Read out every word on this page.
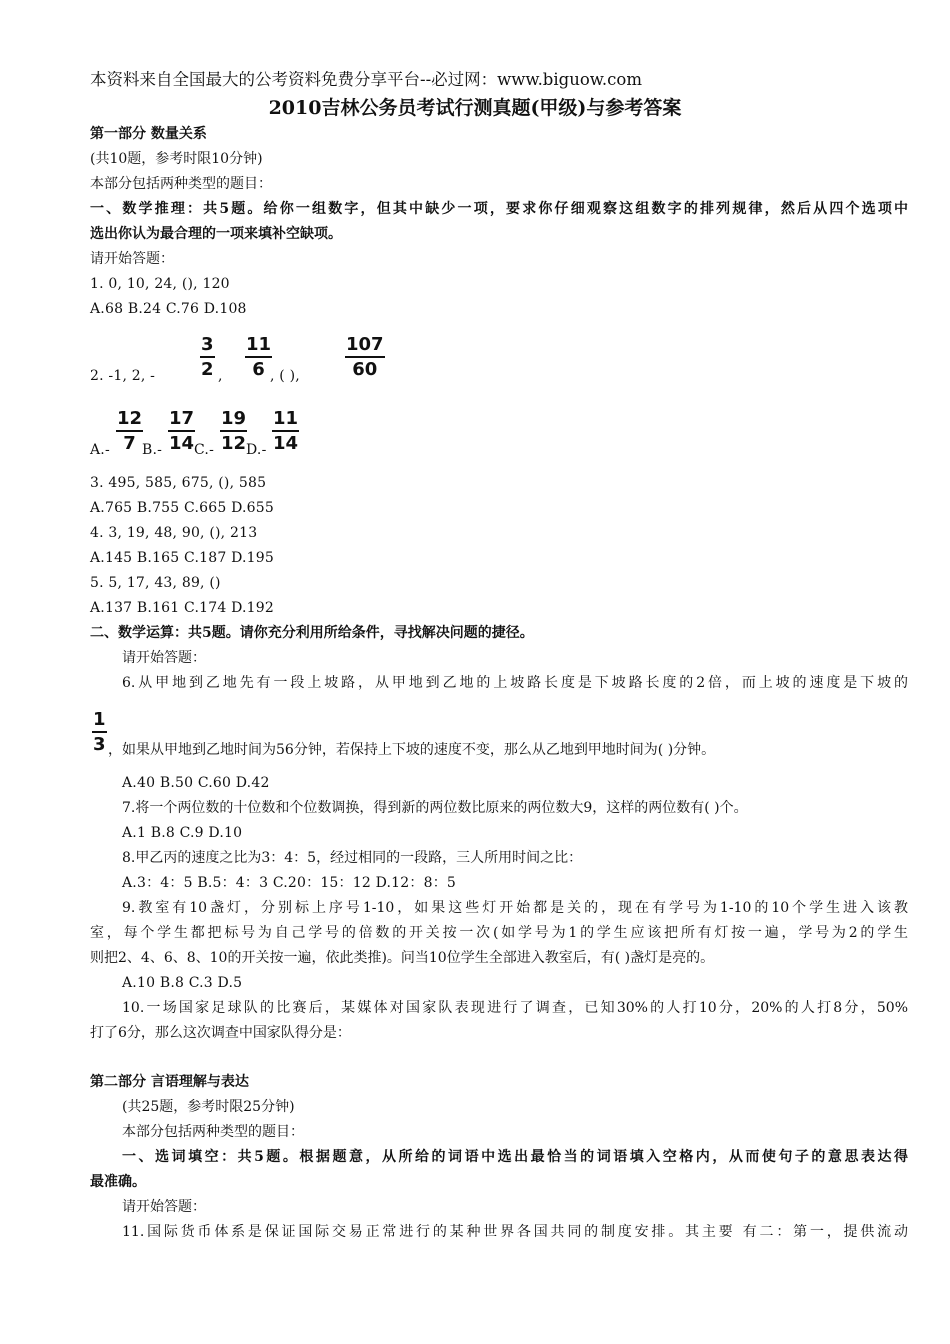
本资料来自全国最大的公考资料免费分享平台--必过网：www.biguow.com
2010吉林公务员考试行测真题(甲级)与参考答案
第一部分 数量关系
(共10题，参考时限10分钟)
本部分包括两种类型的题目：
一、数学推理：共5题。给你一组数字，但其中缺少一项，要求你仔细观察这组数字的排列规律，然后从四个选项中
选出你认为最合理的一项来填补空缺项。
请开始答题：
1. 0, 10, 24, (), 120
A.68 B.24 C.76 D.108
2. -1, 2, - $\frac{3}{2}$ , $\frac{11}{6}$
, ( ),	$\frac{107}{60}$
$A.- \frac{12}{7}$
$B.- \frac{17}{14}$
$C.- \frac{19}{12}$
$D.- \frac{11}{14}$
3. 495, 585, 675, (), 585
A.765 B.755 C.665 D.655
4. 3, 19, 48, 90, (), 213
A.145 B.165 C.187 D.195
5. 5, 17, 43, 89, ()
A.137 B.161 C.174 D.192
二、数学运算：共5题。请你充分利用所给条件，寻找解决问题的捷径。
请开始答题：
6.从甲地到乙地先有一段上坡路，从甲地到乙地的上坡路长度是下坡路长度的2倍，而上坡的速度是下坡的
$\frac{1}{3}$ ，如果从甲地到乙地时间为56分钟，若保持上下坡的速度不变，那么从乙地到甲地时间为( )分钟。
A.40 B.50 C.60 D.42
7.将一个两位数的十位数和个位数调换，得到新的两位数比原来的两位数大9，这样的两位数有( )个。
A.1 B.8 C.9 D.10
8.甲乙丙的速度之比为3：4：5，经过相同的一段路，三人所用时间之比：
A.3：4：5 B.5：4：3 C.20：15：12 D.12：8：5
9.教室有10盏灯，分别标上序号1-10，如果这些灯开始都是关的，现在有学号为1-10的10个学生进入该教
室，每个学生都把标号为自己学号的倍数的开关按一次(如学号为1的学生应该把所有灯按一遍，学号为2的学生
则把2、4、6、8、10的开关按一遍，依此类推)。问当10位学生全部进入教室后，有( )盏灯是亮的。
A.10 B.8 C.3 D.5
10.一场国家足球队的比赛后，某媒体对国家队表现进行了调查，已知30%的人打10分，20%的人打8分，50%
打了6分，那么这次调查中国家队得分是：
第二部分 言语理解与表达
(共25题，参考时限25分钟)
本部分包括两种类型的题目：
一、选词填空：共5题。根据题意，从所给的词语中选出最恰当的词语填入空格内，从而使句子的意思表达得
最准确。
请开始答题：
11.国际货币体系是保证国际交易正常进行的某种世界各国共同的制度安排。其主要 有二：第一，提供流动
